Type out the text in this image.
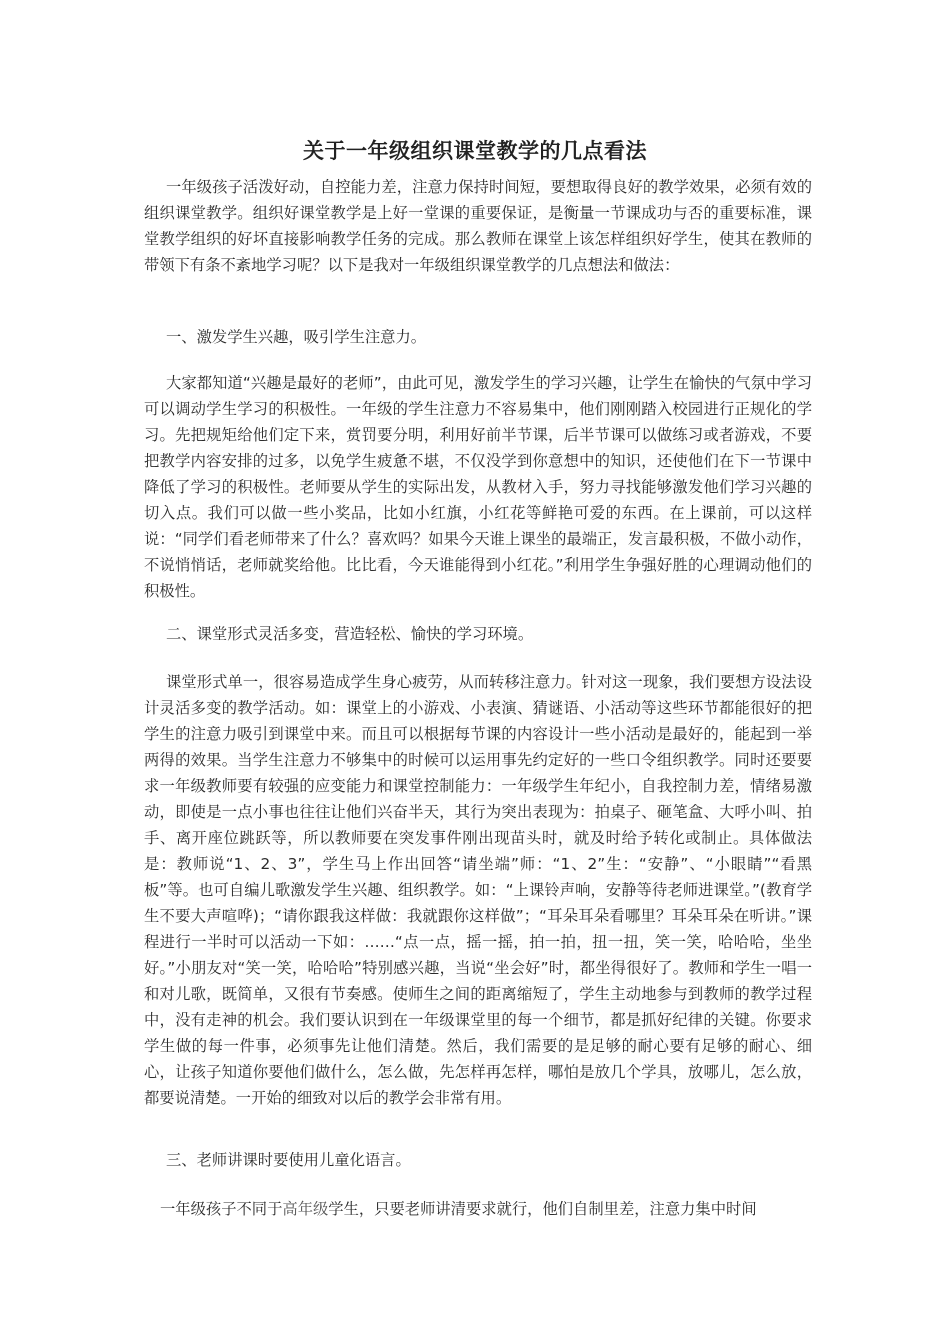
关于一年级组织课堂教学的几点看法

一年级孩子活泼好动，自控能力差，注意力保持时间短，要想取得良好的教学效果，必须有效的组织课堂教学。组织好课堂教学是上好一堂课的重要保证，是衡量一节课成功与否的重要标准，课堂教学组织的好坏直接影响教学任务的完成。那么教师在课堂上该怎样组织好学生，使其在教师的带领下有条不紊地学习呢？以下是我对一年级组织课堂教学的几点想法和做法：

一、激发学生兴趣，吸引学生注意力。

大家都知道“兴趣是最好的老师”，由此可见，激发学生的学习兴趣，让学生在愉快的气氛中学习可以调动学生学习的积极性。一年级的学生注意力不容易集中，他们刚刚踏入校园进行正规化的学习。先把规矩给他们定下来，赏罚要分明，利用好前半节课，后半节课可以做练习或者游戏，不要把教学内容安排的过多，以免学生疲惫不堪，不仅没学到你意想中的知识，还使他们在下一节课中降低了学习的积极性。老师要从学生的实际出发，从教材入手，努力寻找能够激发他们学习兴趣的切入点。我们可以做一些小奖品，比如小红旗，小红花等鲜艳可爱的东西。在上课前，可以这样说：“同学们看老师带来了什么？喜欢吗？如果今天谁上课坐的最端正，发言最积极，不做小动作，不说悄悄话，老师就奖给他。比比看，今天谁能得到小红花。”利用学生争强好胜的心理调动他们的积极性。

二、课堂形式灵活多变，营造轻松、愉快的学习环境。

课堂形式单一，很容易造成学生身心疲劳，从而转移注意力。针对这一现象，我们要想方设法设计灵活多变的教学活动。如：课堂上的小游戏、小表演、猜谜语、小活动等这些环节都能很好的把学生的注意力吸引到课堂中来。而且可以根据每节课的内容设计一些小活动是最好的，能起到一举两得的效果。当学生注意力不够集中的时候可以运用事先约定好的一些口令组织教学。同时还要要求一年级教师要有较强的应变能力和课堂控制能力：一年级学生年纪小，自我控制力差，情绪易激动，即使是一点小事也往往让他们兴奋半天，其行为突出表现为：拍桌子、砸笔盒、大呼小叫、拍手、离开座位跳跃等，所以教师要在突发事件刚出现苗头时，就及时给予转化或制止。具体做法是：教师说“1、2、3”，学生马上作出回答“请坐端”师：“1、2”生：“安静”、“小眼睛”“看黑板”等。也可自编儿歌激发学生兴趣、组织教学。如：“上课铃声响，安静等待老师进课堂。”(教育学生不要大声喧哗)；“请你跟我这样做：我就跟你这样做”；“耳朵耳朵看哪里？耳朵耳朵在听讲。”课程进行一半时可以活动一下如：……“点一点，摇一摇，拍一拍，扭一扭，笑一笑，哈哈哈，坐坐好。”小朋友对“笑一笑，哈哈哈”特别感兴趣，当说“坐会好”时，都坐得很好了。教师和学生一唱一和对儿歌，既简单，又很有节奏感。使师生之间的距离缩短了，学生主动地参与到教师的教学过程中，没有走神的机会。我们要认识到在一年级课堂里的每一个细节，都是抓好纪律的关键。你要求学生做的每一件事，必须事先让他们清楚。然后，我们需要的是足够的耐心要有足够的耐心、细心，让孩子知道你要他们做什么，怎么做，先怎样再怎样，哪怕是放几个学具，放哪儿，怎么放，都要说清楚。一开始的细致对以后的教学会非常有用。

三、老师讲课时要使用儿童化语言。

一年级孩子不同于高年级学生，只要老师讲清要求就行，他们自制里差，注意力集中时间
